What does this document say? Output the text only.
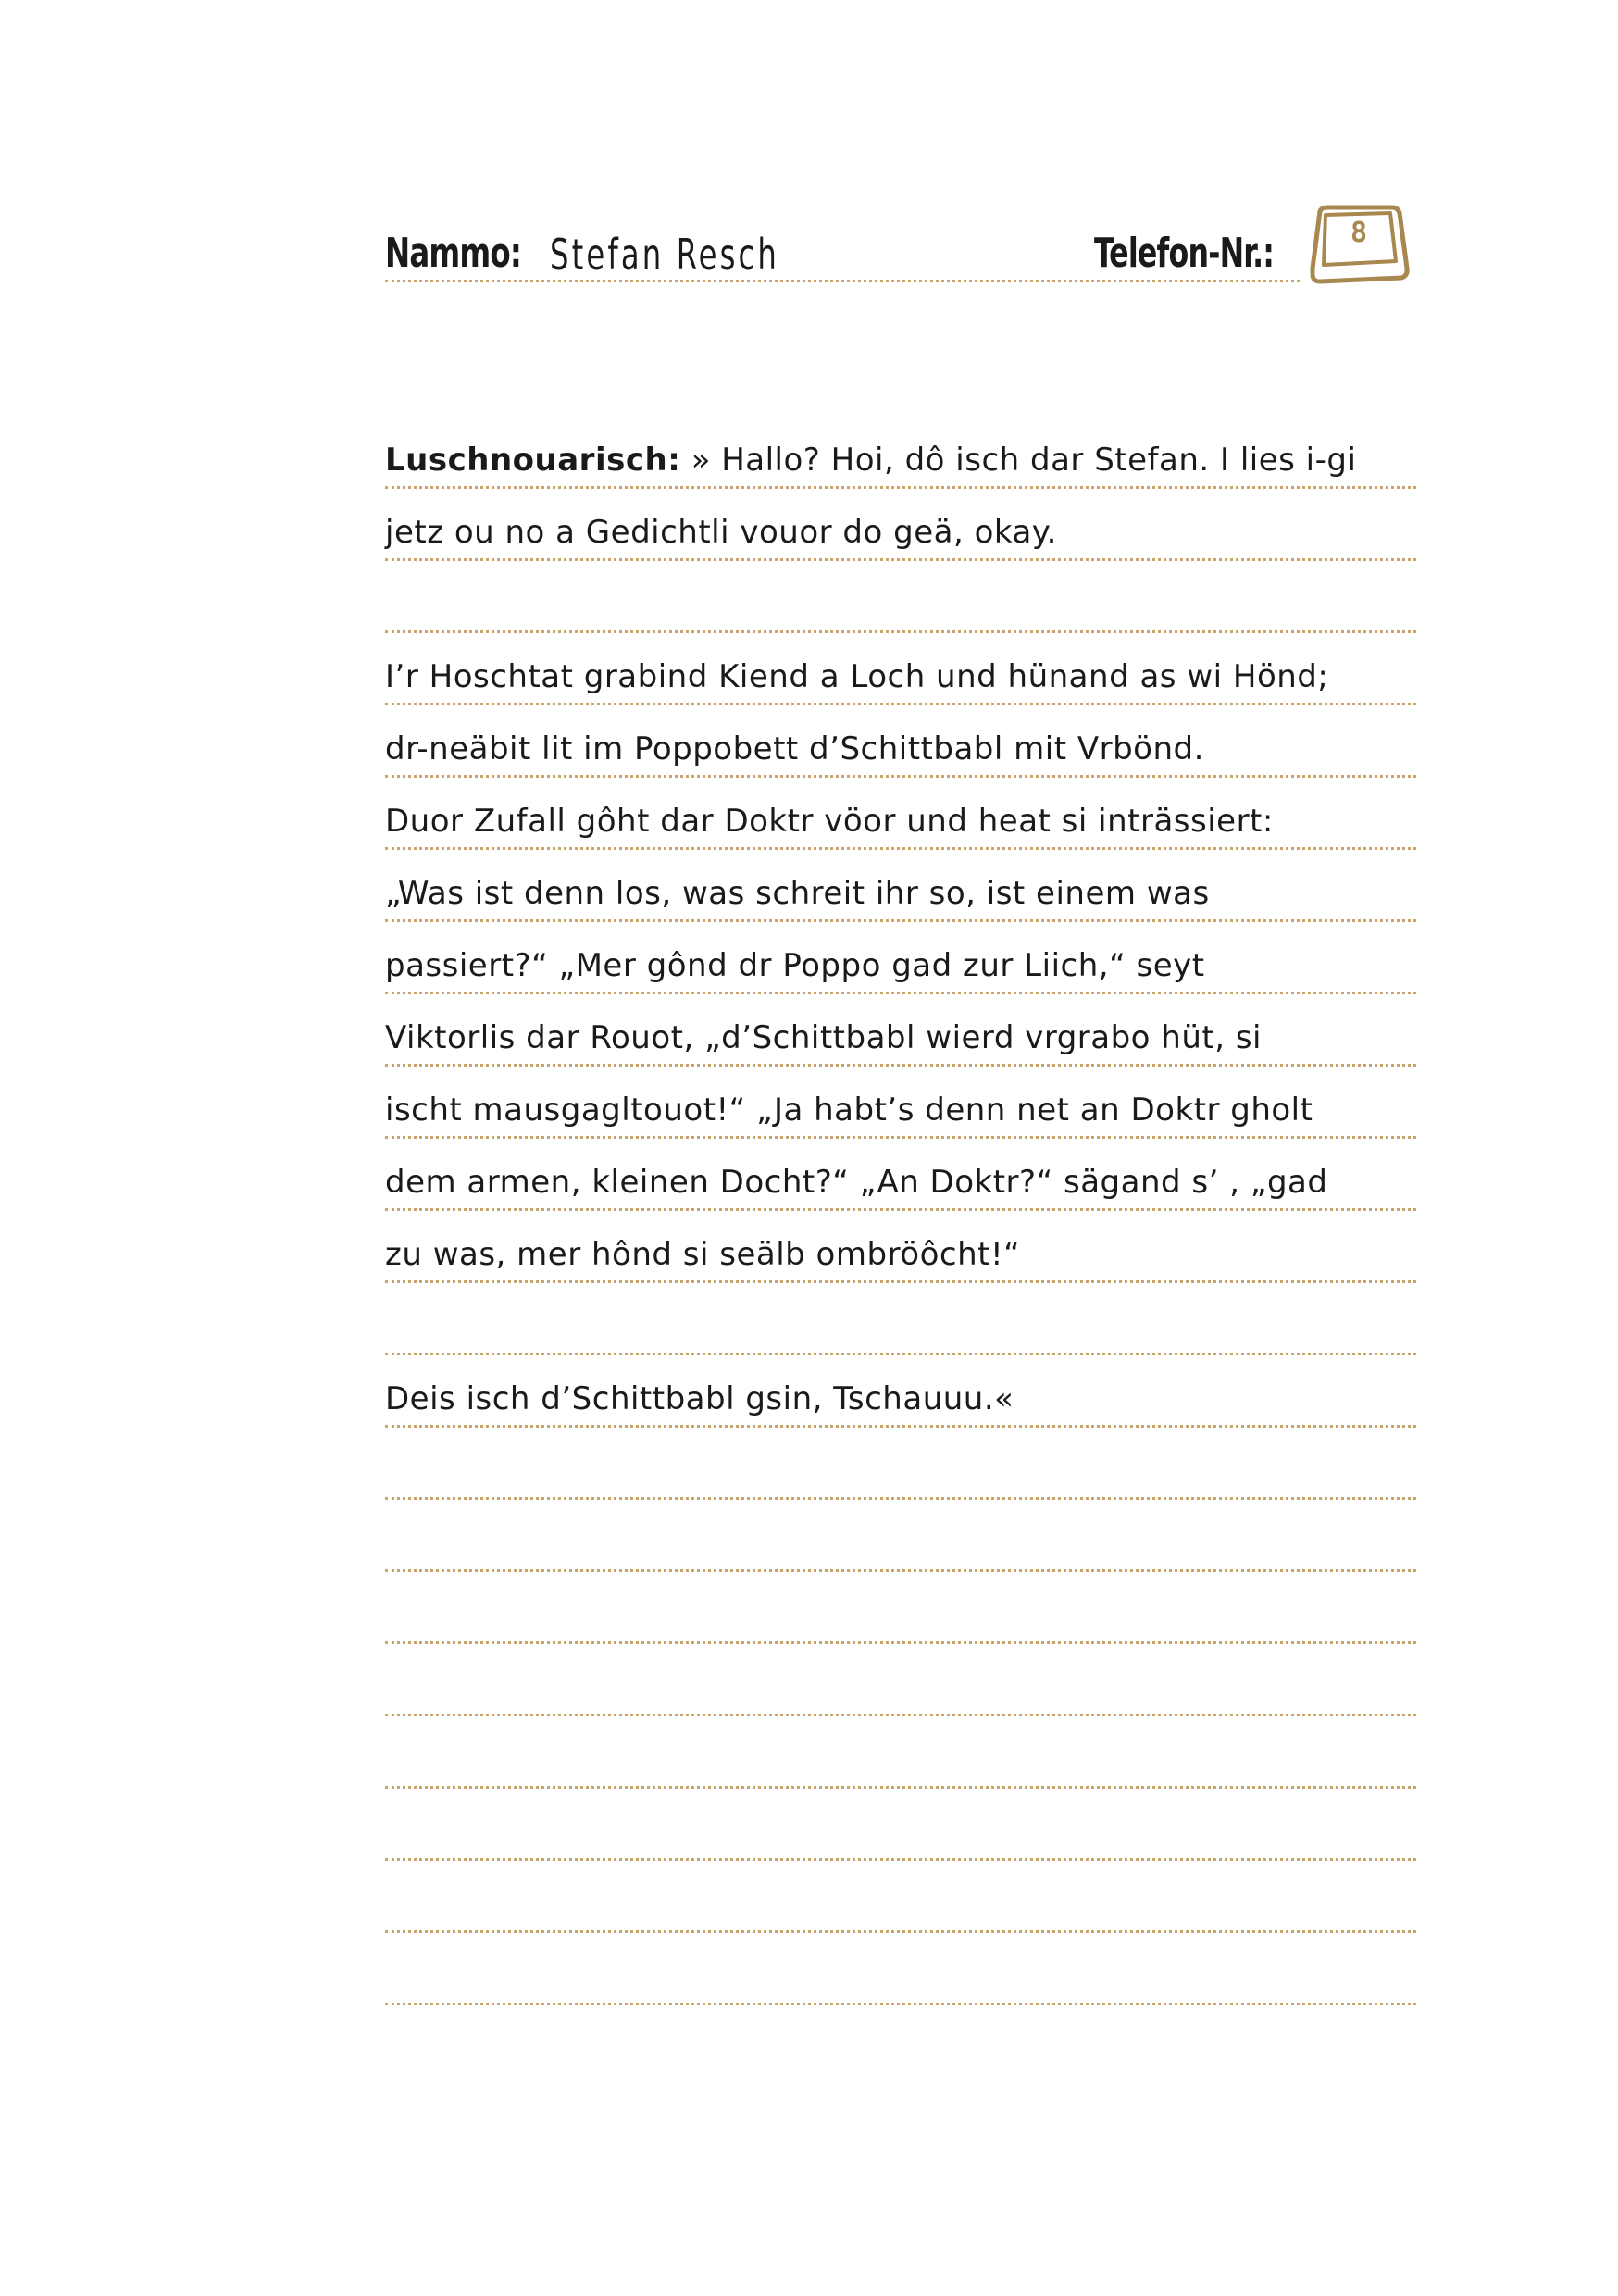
Nammo: Stefan Resch	Telefon-Nr.:	8
Luschnouarisch: » Hallo? Hoi, dô isch dar Stefan. I lies i-gi
jetz ou no a Gedichtli vouor do geä, okay.
I’r Hoschtat grabind Kiend a Loch und hünand as wi Hönd;
dr-neäbit lit im Poppobett d’Schittbabl mit Vrbönd.
Duor Zufall gôht dar Doktr vöor und heat si inträssiert:
„Was ist denn los, was schreit ihr so, ist einem was
passiert?“ „Mer gônd dr Poppo gad zur Liich,“ seyt
Viktorlis dar Rouot, „d’Schittbabl wierd vrgrabo hüt, si
ischt mausgagltouot!“ „Ja habt’s denn net an Doktr gholt
dem armen, kleinen Docht?“ „An Doktr?“ sägand s’ , „gad
zu was, mer hônd si seälb ombröôcht!“
Deis isch d’Schittbabl gsin, Tschauuu.«
